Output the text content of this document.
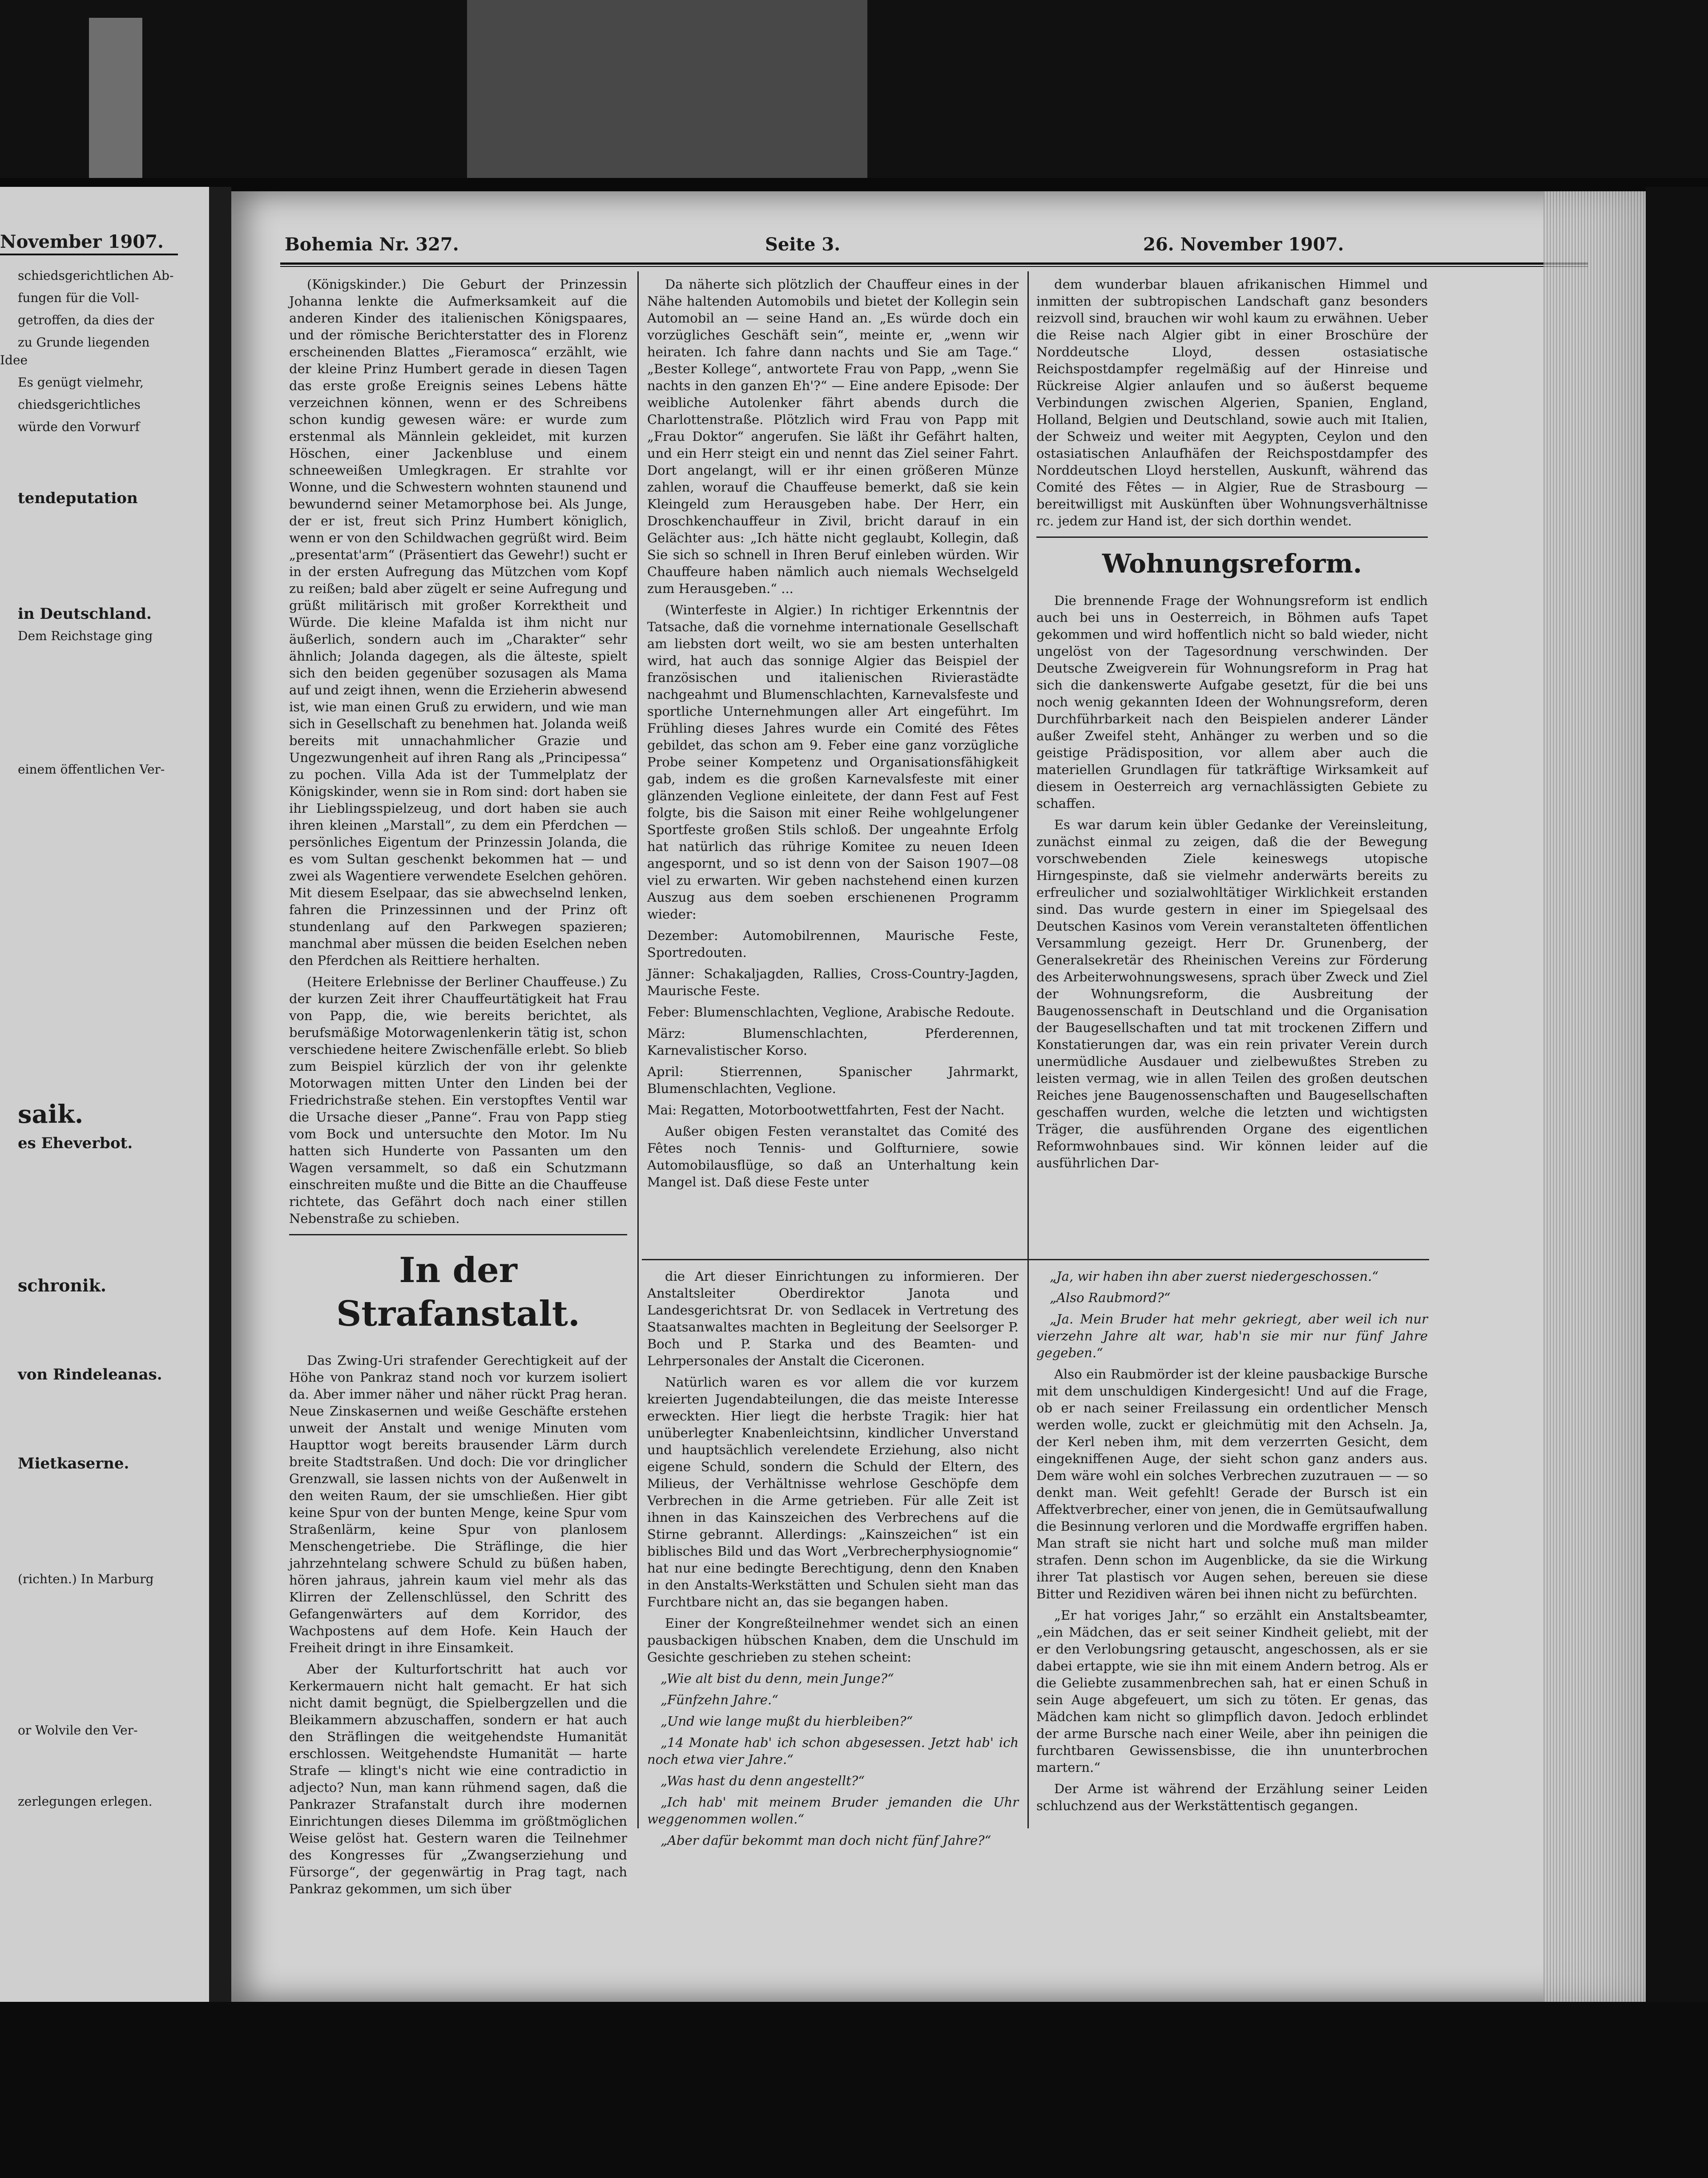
November 1907.

schiedsgerichtlichen Ab-

fungen für die Voll-

getroffen, da dies der

zu Grunde liegenden Idee

Es genügt vielmehr,

chiedsgerichtliches

würde den Vorwurf

tendeputation

in Deutschland.

Dem Reichstage ging

einem öffentlichen Ver-

saik.

es Eheverbot.

schronik.

von Rindeleanas.

Mietkaserne.

(richten.) In Marburg

or Wolvile den Ver-

zerlegungen erlegen.

Bohemia Nr. 327.	Seite 3.	26. November 1907.

(Königskinder.) Die Geburt der Prinzessin Johanna lenkte die Aufmerksamkeit auf die anderen Kinder des italienischen Königspaares, und der römische Berichterstatter des in Florenz erscheinenden Blattes „Fieramosca“ erzählt, wie der kleine Prinz Humbert gerade in diesen Tagen das erste große Ereignis seines Lebens hätte verzeichnen können, wenn er des Schreibens schon kundig gewesen wäre: er wurde zum erstenmal als Männlein gekleidet, mit kurzen Höschen, einer Jackenbluse und einem schneeweißen Umlegkragen. Er strahlte vor Wonne, und die Schwestern wohnten staunend und bewundernd seiner Metamorphose bei. Als Junge, der er ist, freut sich Prinz Humbert königlich, wenn er von den Schildwachen gegrüßt wird. Beim „presentat'arm“ (Präsentiert das Gewehr!) sucht er in der ersten Aufregung das Mützchen vom Kopf zu reißen; bald aber zügelt er seine Aufregung und grüßt militärisch mit großer Korrektheit und Würde. Die kleine Mafalda ist ihm nicht nur äußerlich, sondern auch im „Charakter“ sehr ähnlich; Jolanda dagegen, als die älteste, spielt sich den beiden gegenüber sozusagen als Mama auf und zeigt ihnen, wenn die Erzieherin abwesend ist, wie man einen Gruß zu erwidern, und wie man sich in Gesellschaft zu benehmen hat. Jolanda weiß bereits mit unnachahmlicher Grazie und Ungezwungenheit auf ihren Rang als „Principessa“ zu pochen. Villa Ada ist der Tummelplatz der Königskinder, wenn sie in Rom sind: dort haben sie ihr Lieblingsspielzeug, und dort haben sie auch ihren kleinen „Marstall“, zu dem ein Pferdchen — persönliches Eigentum der Prinzessin Jolanda, die es vom Sultan geschenkt bekommen hat — und zwei als Wagentiere verwendete Eselchen gehören. Mit diesem Eselpaar, das sie abwechselnd lenken, fahren die Prinzessinnen und der Prinz oft stundenlang auf den Parkwegen spazieren; manchmal aber müssen die beiden Eselchen neben den Pferdchen als Reittiere herhalten.

(Heitere Erlebnisse der Berliner Chauffeuse.) Zu der kurzen Zeit ihrer Chauffeurtätigkeit hat Frau von Papp, die, wie bereits berichtet, als berufsmäßige Motorwagenlenkerin tätig ist, schon verschiedene heitere Zwischenfälle erlebt. So blieb zum Beispiel kürzlich der von ihr gelenkte Motorwagen mitten Unter den Linden bei der Friedrichstraße stehen. Ein verstopftes Ventil war die Ursache dieser „Panne“. Frau von Papp stieg vom Bock und untersuchte den Motor. Im Nu hatten sich Hunderte von Passanten um den Wagen versammelt, so daß ein Schutzmann einschreiten mußte und die Bitte an die Chauffeuse richtete, das Gefährt doch nach einer stillen Nebenstraße zu schieben.

In der Strafanstalt.

Das Zwing-Uri strafender Gerechtigkeit auf der Höhe von Pankraz stand noch vor kurzem isoliert da. Aber immer näher und näher rückt Prag heran. Neue Zinskasernen und weiße Geschäfte erstehen unweit der Anstalt und wenige Minuten vom Haupttor wogt bereits brausender Lärm durch breite Stadtstraßen. Und doch: Die vor dringlicher Grenzwall, sie lassen nichts von der Außenwelt in den weiten Raum, der sie umschließen. Hier gibt keine Spur von der bunten Menge, keine Spur vom Straßenlärm, keine Spur von planlosem Menschengetriebe. Die Sträflinge, die hier jahrzehntelang schwere Schuld zu büßen haben, hören jahraus, jahrein kaum viel mehr als das Klirren der Zellenschlüssel, den Schritt des Gefangenwärters auf dem Korridor, des Wachpostens auf dem Hofe. Kein Hauch der Freiheit dringt in ihre Einsamkeit.

Aber der Kulturfortschritt hat auch vor Kerkermauern nicht halt gemacht. Er hat sich nicht damit begnügt, die Spielbergzellen und die Bleikammern abzuschaffen, sondern er hat auch den Sträflingen die weitgehendste Humanität erschlossen. Weitgehendste Humanität — harte Strafe — klingt's nicht wie eine contradictio in adjecto? Nun, man kann rühmend sagen, daß die Pankrazer Strafanstalt durch ihre modernen Einrichtungen dieses Dilemma im größtmöglichen Weise gelöst hat. Gestern waren die Teilnehmer des Kongresses für „Zwangserziehung und Fürsorge“, der gegenwärtig in Prag tagt, nach Pankraz gekommen, um sich über

Da näherte sich plötzlich der Chauffeur eines in der Nähe haltenden Automobils und bietet der Kollegin sein Automobil an — seine Hand an. „Es würde doch ein vorzügliches Geschäft sein“, meinte er, „wenn wir heiraten. Ich fahre dann nachts und Sie am Tage.“ „Bester Kollege“, antwortete Frau von Papp, „wenn Sie nachts in den ganzen Eh'?“ — Eine andere Episode: Der weibliche Autolenker fährt abends durch die Charlottenstraße. Plötzlich wird Frau von Papp mit „Frau Doktor“ angerufen. Sie läßt ihr Gefährt halten, und ein Herr steigt ein und nennt das Ziel seiner Fahrt. Dort angelangt, will er ihr einen größeren Münze zahlen, worauf die Chauffeuse bemerkt, daß sie kein Kleingeld zum Herausgeben habe. Der Herr, ein Droschkenchauffeur in Zivil, bricht darauf in ein Gelächter aus: „Ich hätte nicht geglaubt, Kollegin, daß Sie sich so schnell in Ihren Beruf einleben würden. Wir Chauffeure haben nämlich auch niemals Wechselgeld zum Herausgeben.“ ...

(Winterfeste in Algier.) In richtiger Erkenntnis der Tatsache, daß die vornehme internationale Gesellschaft am liebsten dort weilt, wo sie am besten unterhalten wird, hat auch das sonnige Algier das Beispiel der französischen und italienischen Rivierastädte nachgeahmt und Blumenschlachten, Karnevalsfeste und sportliche Unternehmungen aller Art eingeführt. Im Frühling dieses Jahres wurde ein Comité des Fêtes gebildet, das schon am 9. Feber eine ganz vorzügliche Probe seiner Kompetenz und Organisationsfähigkeit gab, indem es die großen Karnevalsfeste mit einer glänzenden Veglione einleitete, der dann Fest auf Fest folgte, bis die Saison mit einer Reihe wohlgelungener Sportfeste großen Stils schloß. Der ungeahnte Erfolg hat natürlich das rührige Komitee zu neuen Ideen angespornt, und so ist denn von der Saison 1907—08 viel zu erwarten. Wir geben nachstehend einen kurzen Auszug aus dem soeben erschienenen Programm wieder:

Dezember: Automobilrennen, Maurische Feste, Sportredouten.

Jänner: Schakaljagden, Rallies, Cross-Country-Jagden, Maurische Feste.

Feber: Blumenschlachten, Veglione, Arabische Redoute.

März: Blumenschlachten, Pferderennen, Karnevalistischer Korso.

April: Stierrennen, Spanischer Jahrmarkt, Blumenschlachten, Veglione.

Mai: Regatten, Motorbootwettfahrten, Fest der Nacht.

Außer obigen Festen veranstaltet das Comité des Fêtes noch Tennis- und Golfturniere, sowie Automobilausflüge, so daß an Unterhaltung kein Mangel ist. Daß diese Feste unter

die Art dieser Einrichtungen zu informieren. Der Anstaltsleiter Oberdirektor Janota und Landesgerichtsrat Dr. von Sedlacek in Vertretung des Staatsanwaltes machten in Begleitung der Seelsorger P. Boch und P. Starka und des Beamten- und Lehrpersonales der Anstalt die Ciceronen.

Natürlich waren es vor allem die vor kurzem kreierten Jugendabteilungen, die das meiste Interesse erweckten. Hier liegt die herbste Tragik: hier hat unüberlegter Knabenleichtsinn, kindlicher Unverstand und hauptsächlich verelendete Erziehung, also nicht eigene Schuld, sondern die Schuld der Eltern, des Milieus, der Verhältnisse wehrlose Geschöpfe dem Verbrechen in die Arme getrieben. Für alle Zeit ist ihnen in das Kainszeichen des Verbrechens auf die Stirne gebrannt. Allerdings: „Kainszeichen“ ist ein biblisches Bild und das Wort „Verbrecherphysiognomie“ hat nur eine bedingte Berechtigung, denn den Knaben in den Anstalts-Werkstätten und Schulen sieht man das Furchtbare nicht an, das sie begangen haben.

Einer der Kongreßteilnehmer wendet sich an einen pausbackigen hübschen Knaben, dem die Unschuld im Gesichte geschrieben zu stehen scheint:

„Wie alt bist du denn, mein Junge?“

„Fünfzehn Jahre.“

„Und wie lange mußt du hierbleiben?“

„14 Monate hab' ich schon abgesessen. Jetzt hab' ich noch etwa vier Jahre.“

„Was hast du denn angestellt?“

„Ich hab' mit meinem Bruder jemanden die Uhr weggenommen wollen.“

„Aber dafür bekommt man doch nicht fünf Jahre?“

dem wunderbar blauen afrikanischen Himmel und inmitten der subtropischen Landschaft ganz besonders reizvoll sind, brauchen wir wohl kaum zu erwähnen. Ueber die Reise nach Algier gibt in einer Broschüre der Norddeutsche Lloyd, dessen ostasiatische Reichspostdampfer regelmäßig auf der Hinreise und Rückreise Algier anlaufen und so äußerst bequeme Verbindungen zwischen Algerien, Spanien, England, Holland, Belgien und Deutschland, sowie auch mit Italien, der Schweiz und weiter mit Aegypten, Ceylon und den ostasiatischen Anlaufhäfen der Reichspostdampfer des Norddeutschen Lloyd herstellen, Auskunft, während das Comité des Fêtes — in Algier, Rue de Strasbourg — bereitwilligst mit Auskünften über Wohnungsverhältnisse rc. jedem zur Hand ist, der sich dorthin wendet.

Wohnungsreform.

Die brennende Frage der Wohnungsreform ist endlich auch bei uns in Oesterreich, in Böhmen aufs Tapet gekommen und wird hoffentlich nicht so bald wieder, nicht ungelöst von der Tagesordnung verschwinden. Der Deutsche Zweigverein für Wohnungsreform in Prag hat sich die dankenswerte Aufgabe gesetzt, für die bei uns noch wenig gekannten Ideen der Wohnungsreform, deren Durchführbarkeit nach den Beispielen anderer Länder außer Zweifel steht, Anhänger zu werben und so die geistige Prädisposition, vor allem aber auch die materiellen Grundlagen für tatkräftige Wirksamkeit auf diesem in Oesterreich arg vernachlässigten Gebiete zu schaffen.

Es war darum kein übler Gedanke der Vereinsleitung, zunächst einmal zu zeigen, daß die der Bewegung vorschwebenden Ziele keineswegs utopische Hirngespinste, daß sie vielmehr anderwärts bereits zu erfreulicher und sozialwohltätiger Wirklichkeit erstanden sind. Das wurde gestern in einer im Spiegelsaal des Deutschen Kasinos vom Verein veranstalteten öffentlichen Versammlung gezeigt. Herr Dr. Grunenberg, der Generalsekretär des Rheinischen Vereins zur Förderung des Arbeiterwohnungswesens, sprach über Zweck und Ziel der Wohnungsreform, die Ausbreitung der Baugenossenschaft in Deutschland und die Organisation der Baugesellschaften und tat mit trockenen Ziffern und Konstatierungen dar, was ein rein privater Verein durch unermüdliche Ausdauer und zielbewußtes Streben zu leisten vermag, wie in allen Teilen des großen deutschen Reiches jene Baugenossenschaften und Baugesellschaften geschaffen wurden, welche die letzten und wichtigsten Träger, die ausführenden Organe des eigentlichen Reformwohnbaues sind. Wir können leider auf die ausführlichen Dar-

„Ja, wir haben ihn aber zuerst niedergeschossen.“

„Also Raubmord?“

„Ja. Mein Bruder hat mehr gekriegt, aber weil ich nur vierzehn Jahre alt war, hab'n sie mir nur fünf Jahre gegeben.“

Also ein Raubmörder ist der kleine pausbackige Bursche mit dem unschuldigen Kindergesicht! Und auf die Frage, ob er nach seiner Freilassung ein ordentlicher Mensch werden wolle, zuckt er gleichmütig mit den Achseln. Ja, der Kerl neben ihm, mit dem verzerrten Gesicht, dem eingekniffenen Auge, der sieht schon ganz anders aus. Dem wäre wohl ein solches Verbrechen zuzutrauen — — so denkt man. Weit gefehlt! Gerade der Bursch ist ein Affektverbrecher, einer von jenen, die in Gemütsaufwallung die Besinnung verloren und die Mordwaffe ergriffen haben. Man straft sie nicht hart und solche muß man milder strafen. Denn schon im Augenblicke, da sie die Wirkung ihrer Tat plastisch vor Augen sehen, bereuen sie diese Bitter und Rezidiven wären bei ihnen nicht zu befürchten.

„Er hat voriges Jahr,“ so erzählt ein Anstaltsbeamter, „ein Mädchen, das er seit seiner Kindheit geliebt, mit der er den Verlobungsring getauscht, angeschossen, als er sie dabei ertappte, wie sie ihn mit einem Andern betrog. Als er die Geliebte zusammenbrechen sah, hat er einen Schuß in sein Auge abgefeuert, um sich zu töten. Er genas, das Mädchen kam nicht so glimpflich davon. Jedoch erblindet der arme Bursche nach einer Weile, aber ihn peinigen die furchtbaren Gewissensbisse, die ihn ununterbrochen martern.“

Der Arme ist während der Erzählung seiner Leiden schluchzend aus der Werkstättentisch gegangen.
